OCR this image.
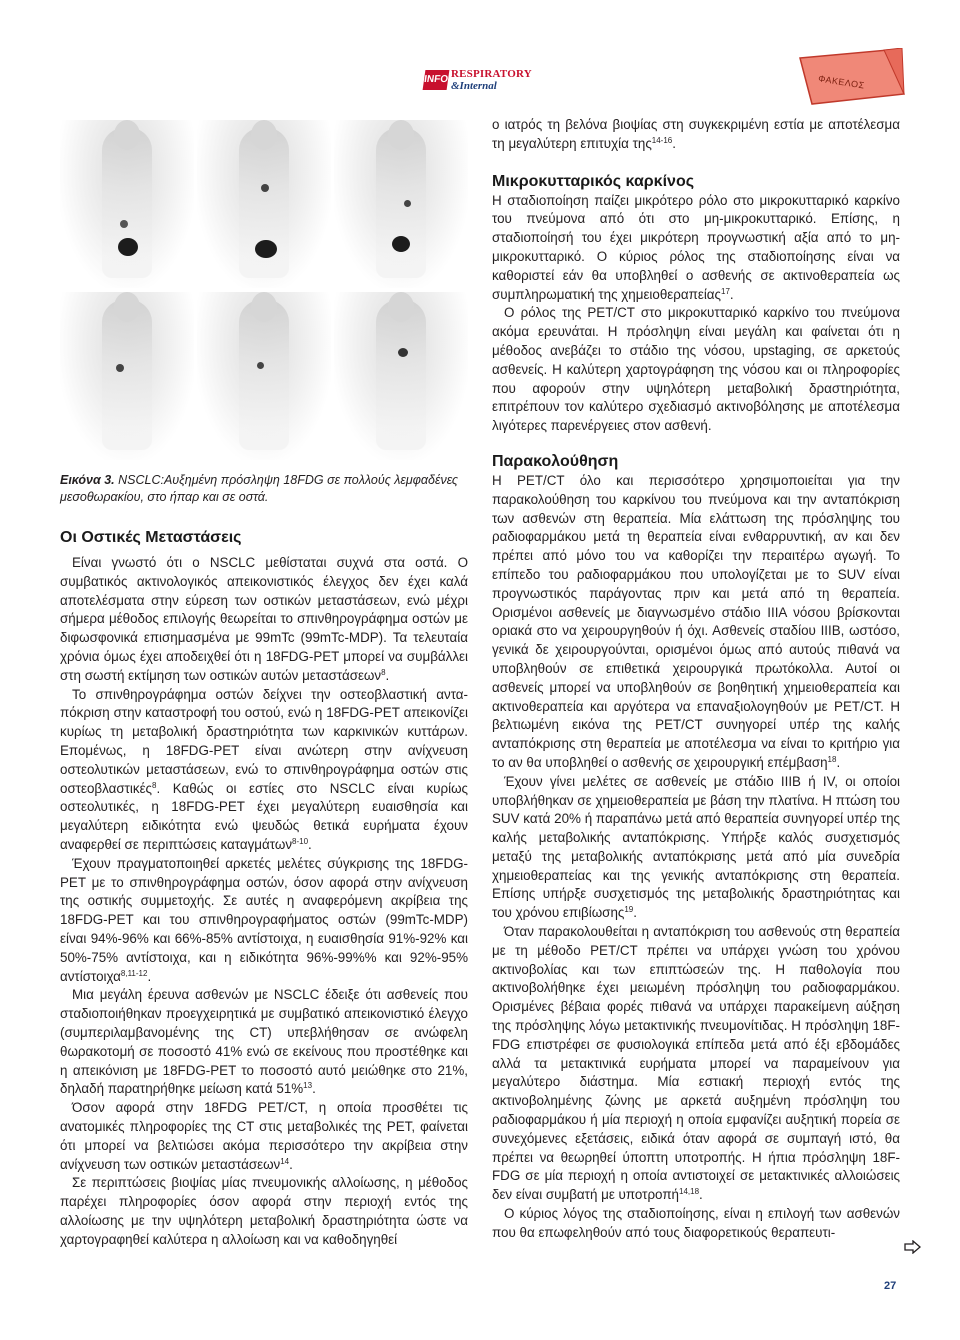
INFO RESPIRATORY
&Internal	ΦΑΚΕΛΟΣ
Εικόνα 3. NSCLC:Αυξημένη πρόσληψη 18FDG σε πολλούς λεμφαδένες μεσοθωρακίου, στο ήπαρ και σε οστά.
Οι Οστικές Μεταστάσεις

Είναι γνωστό ότι ο NSCLC μεθίσταται συχνά στα οστά. Ο συμβατικός ακτινολογικός απεικονιστικός έλεγχος δεν έχει καλά αποτελέσματα στην εύρεση των οστικών μεταστάσεων, ενώ μέχρι σήμερα μέθοδος επιλογής θεωρείται το σπινθηρογράφημα οστών με διφωσφονικά επισημασμένα με 99mTc (99mTc-MDP). Τα τελευταία χρόνια όμως έχει αποδειχθεί ότι η 18FDG-PET μπορεί να συμβάλλει στη σωστή εκτίμηση των οστικών αυτών μεταστάσεων$^8$.

Το σπινθηρογράφημα οστών δείχνει την οστεοβλαστική ανταπόκριση στην καταστροφή του οστού, ενώ η 18FDG-PET απεικονίζει κυρίως τη μεταβολική δραστηριότητα των καρκινικών κυττάρων. Επομένως, η 18FDG-PET είναι ανώτερη στην ανίχνευση οστεολυτικών μεταστάσεων, ενώ το σπινθηρογράφημα οστών στις οστεοβλαστικές$^8$. Καθώς οι εστίες στο NSCLC είναι κυρίως οστεολυτικές, η 18FDG-PET έχει μεγαλύτερη ευαισθησία και μεγαλύτερη ειδικότητα ενώ ψευδώς θετικά ευρήματα έχουν αναφερθεί σε περιπτώσεις καταγμάτων$^{8-10}$.

Έχουν πραγματοποιηθεί αρκετές μελέτες σύγκρισης της 18FDG-PET με το σπινθηρογράφημα οστών, όσον αφορά στην ανίχνευση της οστικής συμμετοχής. Σε αυτές η αναφερόμενη ακρίβεια της 18FDG-PET και του σπινθηρογραφήματος οστών (99mTc-MDP) είναι 94%-96% και 66%-85% αντίστοιχα, η ευαισθησία 91%-92% και 50%-75% αντίστοιχα, και η ειδικότητα 96%-99%% και 92%-95% αντίστοιχα$^{8,11-12}$.

Μια μεγάλη έρευνα ασθενών με NSCLC έδειξε ότι ασθενείς που σταδιοποιήθηκαν προεγχειρητικά με συμβατικό απεικονιστικό έλεγχο (συμπεριλαμβανομένης της CT) υπεβλήθησαν σε ανώφελη θωρακοτομή σε ποσοστό 41% ενώ σε εκείνους που προστέθηκε και η απεικόνιση με 18FDG-PET το ποσοστό αυτό μειώθηκε στο 21%, δηλαδή παρατηρήθηκε μείωση κατά 51%$^{13}$.

Όσον αφορά στην 18FDG PET/CT, η οποία προσθέτει τις ανατομικές πληροφορίες της CT στις μεταβολικές της PET, φαίνεται ότι μπορεί να βελτιώσει ακόμα περισσότερο την ακρίβεια στην ανίχνευση των οστικών μεταστάσεων$^{14}$.

Σε περιπτώσεις βιοψίας μίας πνευμονικής αλλοίωσης, η μέθοδος παρέχει πληροφορίες όσον αφορά στην περιοχή εντός της αλλοίωσης με την υψηλότερη μεταβολική δραστηριότητα ώστε να χαρτογραφηθεί καλύτερα η αλλοίωση και να καθοδηγηθεί

ο ιατρός τη βελόνα βιοψίας στη συγκεκριμένη εστία με αποτέλεσμα τη μεγαλύτερη επιτυχία της$^{14-16}$.

Μικροκυτταρικός καρκίνος

Η σταδιοποίηση παίζει μικρότερο ρόλο στο μικροκυτταρικό καρκίνο του πνεύμονα από ότι στο μη-μικροκυτταρικό. Επίσης, η σταδιοποίησή του έχει μικρότερη προγνωστική αξία από το μη-μικροκυτταρικό. Ο κύριος ρόλος της σταδιοποίησης είναι να καθοριστεί εάν θα υποβληθεί ο ασθενής σε ακτινοθεραπεία ως συμπληρωματική της χημειοθεραπείας$^{17}$.

Ο ρόλος της PET/CT στο μικροκυτταρικό καρκίνο του πνεύμονα ακόμα ερευνάται. Η πρόσληψη είναι μεγάλη και φαίνεται ότι η μέθοδος ανεβάζει το στάδιο της νόσου, upstaging, σε αρκετούς ασθενείς. Η καλύτερη χαρτογράφηση της νόσου και οι πληροφορίες που αφορούν στην υψηλότερη μεταβολική δραστηριότητα, επιτρέπουν τον καλύτερο σχεδιασμό ακτινοβόλησης με αποτέλεσμα λιγότερες παρενέργειες στον ασθενή.

Παρακολούθηση

Η PET/CT όλο και περισσότερο χρησιμοποιείται για την παρακολούθηση του καρκίνου του πνεύμονα και την ανταπόκριση των ασθενών στη θεραπεία. Μία ελάττωση της πρόσληψης του ραδιοφαρμάκου μετά τη θεραπεία είναι ενθαρρυντική, αν και δεν πρέπει από μόνο του να καθορίζει την περαιτέρω αγωγή. Το επίπεδο του ραδιοφαρμάκου που υπολογίζεται με το SUV είναι προγνωστικός παράγοντας πριν και μετά από τη θεραπεία. Ορισμένοι ασθενείς με διαγνωσμένο στάδιο IIIA νόσου βρίσκονται οριακά στο να χειρουργηθούν ή όχι. Ασθενείς σταδίου IIIB, ωστόσο, γενικά δε χειρουργούνται, ορισμένοι όμως από αυτούς πιθανά να υποβληθούν σε επιθετικά χειρουργικά πρωτόκολλα. Αυτοί οι ασθενείς μπορεί να υποβληθούν σε βοηθητική χημειοθεραπεία και ακτινοθεραπεία και αργότερα να επαναξιολογηθούν με PET/CT. Η βελτιωμένη εικόνα της PET/CT συνηγορεί υπέρ της καλής ανταπόκρισης στη θεραπεία με αποτέλεσμα να είναι το κριτήριο για το αν θα υποβληθεί ο ασθενής σε χειρουργική επέμβαση$^{18}$.

Έχουν γίνει μελέτες σε ασθενείς με στάδιο IIIB ή IV, οι οποίοι υποβλήθηκαν σε χημειοθεραπεία με βάση την πλατίνα. Η πτώση του SUV κατά 20% ή παραπάνω μετά από θεραπεία συνηγορεί υπέρ της καλής μεταβολικής ανταπόκρισης. Υπήρξε καλός συσχετισμός μεταξύ της μεταβολικής ανταπόκρισης μετά από μία συνεδρία χημειοθεραπείας και της γενικής ανταπόκρισης στη θεραπεία. Επίσης υπήρξε συσχετισμός της μεταβολικής δραστηριότητας και του χρόνου επιβίωσης$^{19}$.

Όταν παρακολουθείται η ανταπόκριση του ασθενούς στη θεραπεία με τη μέθοδο PET/CT πρέπει να υπάρχει γνώση του χρόνου ακτινοβολίας και των επιπτώσεών της. Η παθολογία που ακτινοβολήθηκε έχει μειωμένη πρόσληψη του ραδιοφαρμάκου. Ορισμένες βέβαια φορές πιθανά να υπάρχει παρακείμενη αύξηση της πρόσληψης λόγω μετακτινικής πνευμονίτιδας. Η πρόσληψη 18F-FDG επιστρέφει σε φυσιολογικά επίπεδα μετά από έξι εβδομάδες αλλά τα μετακτινικά ευρήματα μπορεί να παραμείνουν για μεγαλύτερο διάστημα. Μία εστιακή περιοχή εντός της ακτινοβολημένης ζώνης με αρκετά αυξημένη πρόσληψη του ραδιοφαρμάκου ή μία περιοχή η οποία εμφανίζει αυξητική πορεία σε συνεχόμενες εξετάσεις, ειδικά όταν αφορά σε συμπαγή ιστό, θα πρέπει να θεωρηθεί ύποπτη υποτροπής. Η ήπια πρόσληψη 18F-FDG σε μία περιοχή η οποία αντιστοιχεί σε μετακτινικές αλλοιώσεις δεν είναι συμβατή με υποτροπή$^{14,18}$.

Ο κύριος λόγος της σταδιοποίησης, είναι η επιλογή των ασθενών που θα επωφεληθούν από τους διαφορετικούς θεραπευτι-

27
